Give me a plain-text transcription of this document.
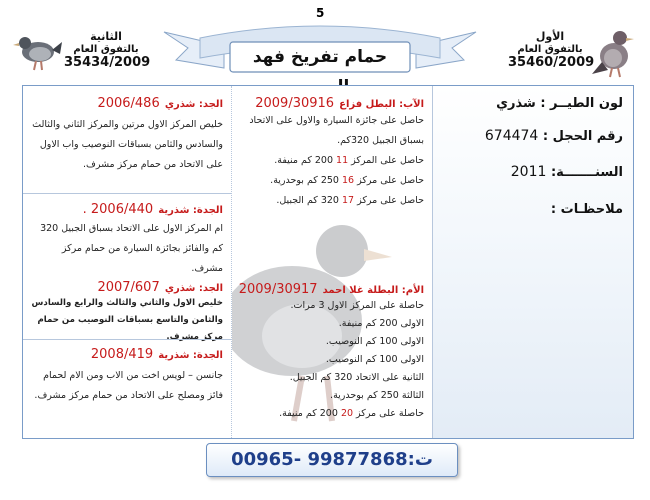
الثانية
بالتفوق العام
35434/2009
5
حمام تفريخ فهد
الأول
بالتفوق العام
35460/2009
لون الطيــر : شذري
رقم الحجل : 674474
السنـــــــة: 2011
ملاحظـات :
الآب: البطل فزاع 2009/30916
حاصل على جائزة السيارة والاول على الاتحاد بسباق الجبيل 320كم.
حاصل على المركز 11 200 كم منيفة.
حاصل على مركز 16 250 كم بوحدرية.
حاصل على مركز 17 320 كم الجبيل.
الأم: البطلة غلا احمد 2009/30917
حاصلة على المركز الاول 3 مرات.
الاولى 200 كم منيفة.
الاولى 100 كم النوصيب.
الاولى 100 كم النوصيب.
الثانية على الاتحاد 320 كم الجبيل.
الثالثة 250 كم بوحدرية.
حاصلة على مركز 20 200 كم منيفة.
الجد: شذري 2006/486
خليص المركز الاول مرتين والمركز الثاني والثالث والسادس والثامن بسباقات النوصيب واب الاول على الاتحاد من حمام مركز مشرف.
الجدة: شذرية 2006/440 .
ام المركز الاول على الاتحاد بسباق الجبيل 320 كم والفائز بجائزة السيارة من حمام مركز مشرف.
الجد: شذري 2007/607
خليص الاول والثاني والثالث والرابع والسادس والثامن والتاسع بسباقات النوصيب من حمام مركز مشرف.
الجدة: شذرية 2008/419
جانسن – لويس اخت من الاب ومن الام لحمام فائز ومصلح على الاتحاد من حمام مركز مشرف.
ت:99877868 -00965
